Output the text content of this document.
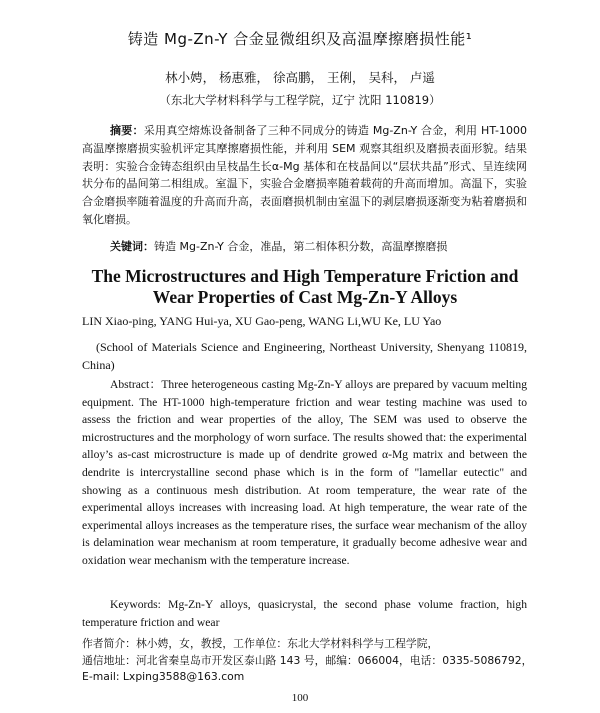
铸造 Mg-Zn-Y 合金显微组织及高温摩擦磨损性能¹
林小娉， 杨惠雅， 徐高鹏， 王俐， 吴科， 卢遥
（东北大学材料科学与工程学院，辽宁 沈阳 110819）

摘要：采用真空熔炼设备制备了三种不同成分的铸造 Mg-Zn-Y 合金，利用 HT-1000 高温摩擦磨损实验机评定其摩擦磨损性能，并利用 SEM 观察其组织及磨损表面形貌。结果表明：实验合金铸态组织由呈枝晶生长α-Mg 基体和在枝晶间以“层状共晶”形式、呈连续网状分布的晶间第二相组成。室温下，实验合金磨损率随着载荷的升高而增加。高温下，实验合金磨损率随着温度的升高而升高，表面磨损机制由室温下的剥层磨损逐渐变为粘着磨损和氧化磨损。

关键词：铸造 Mg-Zn-Y 合金，准晶，第二相体积分数，高温摩擦磨损

The Microstructures and High Temperature Friction and Wear Properties of Cast Mg-Zn-Y Alloys

LIN Xiao-ping, YANG Hui-ya, XU Gao-peng, WANG Li,WU Ke, LU Yao

(School of Materials Science and Engineering, Northeast University, Shenyang 110819, China)

Abstract：Three heterogeneous casting Mg-Zn-Y alloys are prepared by vacuum melting equipment. The HT-1000 high-temperature friction and wear testing machine was used to assess the friction and wear properties of the alloy, The SEM was used to observe the microstructures and the morphology of worn surface. The results showed that: the experimental alloy’s as-cast microstructure is made up of dendrite growed α-Mg matrix and between the dendrite is intercrystalline second phase which is in the form of "lamellar eutectic" and showing as a continuous mesh distribution. At room temperature, the wear rate of the experimental alloys increases with increasing load. At high temperature, the wear rate of the experimental alloys increases as the temperature rises, the surface wear mechanism of the alloy is delamination wear mechanism at room temperature, it gradually become adhesive wear and oxidation wear mechanism with the temperature increase.

Keywords: Mg-Zn-Y alloys, quasicrystal, the second phase volume fraction, high temperature friction and wear

作者简介：林小娉，女，教授，工作单位：东北大学材料科学与工程学院，
通信地址：河北省秦皇岛市开发区泰山路 143 号，邮编：066004，电话：0335-5086792，
E-mail: Lxping3588@163.com
100
